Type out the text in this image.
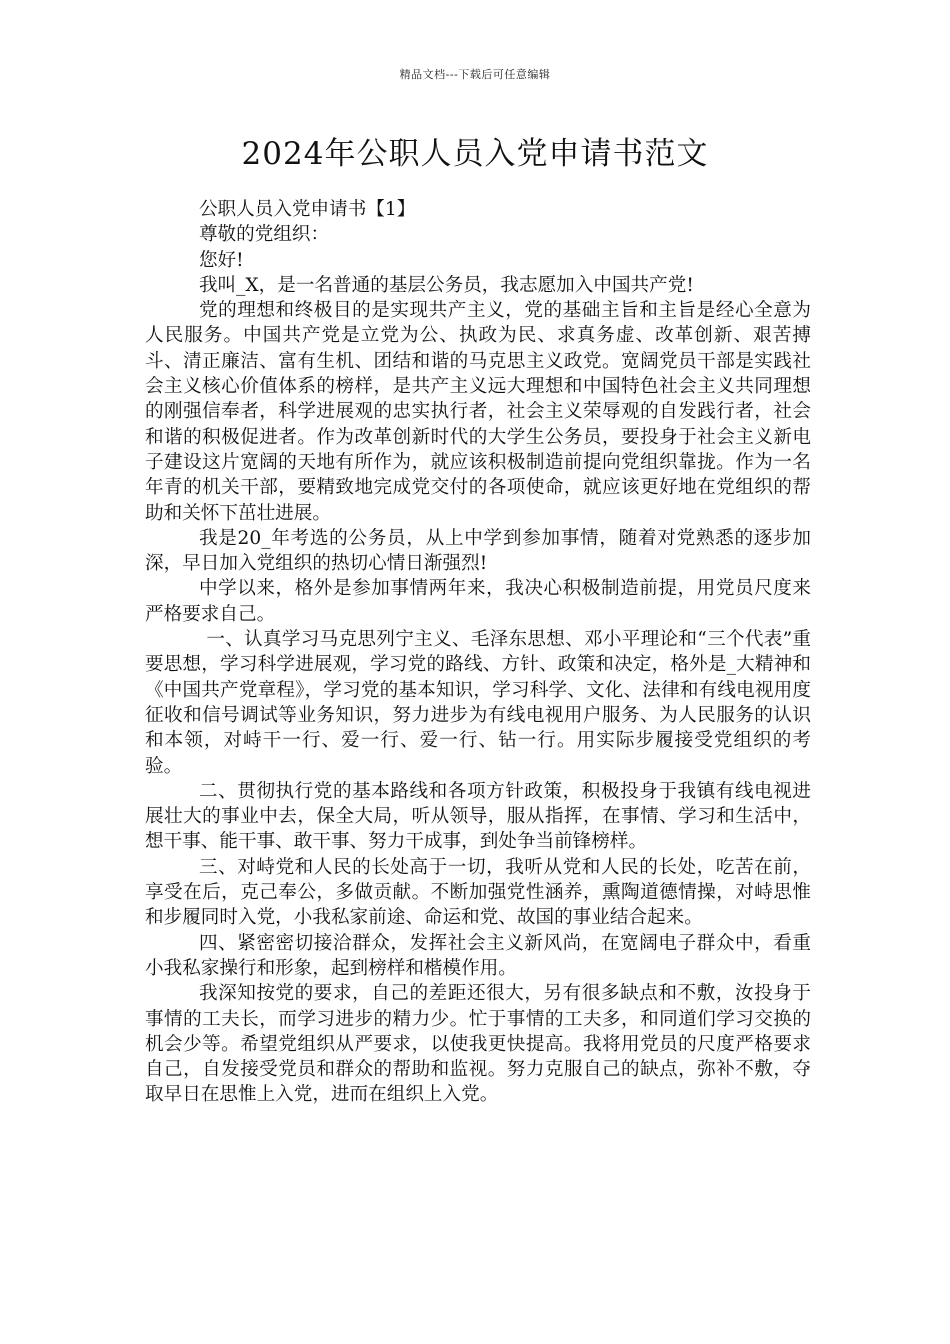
精品文档---下载后可任意编辑
2024年公职人员入党申请书范文

公职人员入党申请书【1】

尊敬的党组织：

您好!

我叫_X，是一名普通的基层公务员，我志愿加入中国共产党!

党的理想和终极目的是实现共产主义，党的基础主旨和主旨是经心全意为人民服务。中国共产党是立党为公、执政为民、求真务虚、改革创新、艰苦搏斗、清正廉洁、富有生机、团结和谐的马克思主义政党。宽阔党员干部是实践社会主义核心价值体系的榜样，是共产主义远大理想和中国特色社会主义共同理想的刚强信奉者，科学进展观的忠实执行者，社会主义荣辱观的自发践行者，社会和谐的积极促进者。作为改革创新时代的大学生公务员，要投身于社会主义新电子建设这片宽阔的天地有所作为，就应该积极制造前提向党组织靠拢。作为一名年青的机关干部，要精致地完成党交付的各项使命，就应该更好地在党组织的帮助和关怀下茁壮进展。

我是20_年考选的公务员，从上中学到参加事情，随着对党熟悉的逐步加深，早日加入党组织的热切心情日渐强烈!

中学以来，格外是参加事情两年来，我决心积极制造前提，用党员尺度来严格要求自己。

一、认真学习马克思列宁主义、毛泽东思想、邓小平理论和“三个代表”重要思想，学习科学进展观，学习党的路线、方针、政策和决定，格外是_大精神和《中国共产党章程》，学习党的基本知识，学习科学、文化、法律和有线电视用度征收和信号调试等业务知识，努力进步为有线电视用户服务、为人民服务的认识和本领，对峙干一行、爱一行、爱一行、钻一行。用实际步履接受党组织的考验。

二、贯彻执行党的基本路线和各项方针政策，积极投身于我镇有线电视进展壮大的事业中去，保全大局，听从领导，服从指挥，在事情、学习和生活中，想干事、能干事、敢干事、努力干成事，到处争当前锋榜样。

三、对峙党和人民的长处高于一切，我听从党和人民的长处，吃苦在前，享受在后，克己奉公，多做贡献。不断加强党性涵养，熏陶道德情操，对峙思惟和步履同时入党，小我私家前途、命运和党、故国的事业结合起来。

四、紧密密切接洽群众，发挥社会主义新风尚，在宽阔电子群众中，看重小我私家操行和形象，起到榜样和楷模作用。

我深知按党的要求，自己的差距还很大，另有很多缺点和不敷，汝投身于事情的工夫长，而学习进步的精力少。忙于事情的工夫多，和同道们学习交换的机会少等。希望党组织从严要求，以使我更快提高。我将用党员的尺度严格要求自己，自发接受党员和群众的帮助和监视。努力克服自己的缺点，弥补不敷，夺取早日在思惟上入党，进而在组织上入党。
